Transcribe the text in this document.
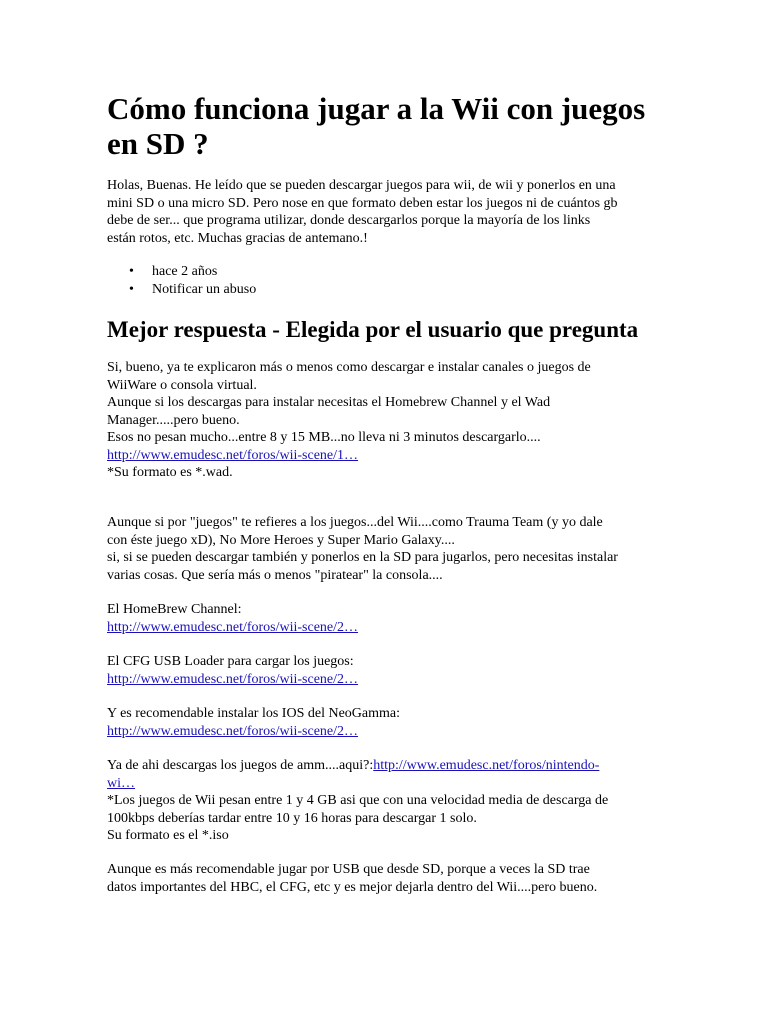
Cómo funciona jugar a la Wii con juegos
en SD ?

Holas, Buenas. He leído que se pueden descargar juegos para wii, de wii y ponerlos en una
mini SD o una micro SD. Pero nose en que formato deben estar los juegos ni de cuántos gb
debe de ser... que programa utilizar, donde descargarlos porque la mayoría de los links
están rotos, etc. Muchas gracias de antemano.!

• hace 2 años
• Notificar un abuso
Mejor respuesta - Elegida por el usuario que pregunta

Si, bueno, ya te explicaron más o menos como descargar e instalar canales o juegos de
WiiWare o consola virtual.
Aunque si los descargas para instalar necesitas el Homebrew Channel y el Wad
Manager.....pero bueno.
Esos no pesan mucho...entre 8 y 15 MB...no lleva ni 3 minutos descargarlo....
http://www.emudesc.net/foros/wii-scene/1…
*Su formato es *.wad.

Aunque si por "juegos" te refieres a los juegos...del Wii....como Trauma Team (y yo dale
con éste juego xD), No More Heroes y Super Mario Galaxy....
si, si se pueden descargar también y ponerlos en la SD para jugarlos, pero necesitas instalar
varias cosas. Que sería más o menos "piratear" la consola....

El HomeBrew Channel:
http://www.emudesc.net/foros/wii-scene/2…

El CFG USB Loader para cargar los juegos:
http://www.emudesc.net/foros/wii-scene/2…

Y es recomendable instalar los IOS del NeoGamma:
http://www.emudesc.net/foros/wii-scene/2…

Ya de ahi descargas los juegos de amm....aqui?:http://www.emudesc.net/foros/nintendo-
wi…
*Los juegos de Wii pesan entre 1 y 4 GB asi que con una velocidad media de descarga de
100kbps deberías tardar entre 10 y 16 horas para descargar 1 solo.
Su formato es el *.iso

Aunque es más recomendable jugar por USB que desde SD, porque a veces la SD trae
datos importantes del HBC, el CFG, etc y es mejor dejarla dentro del Wii....pero bueno.
